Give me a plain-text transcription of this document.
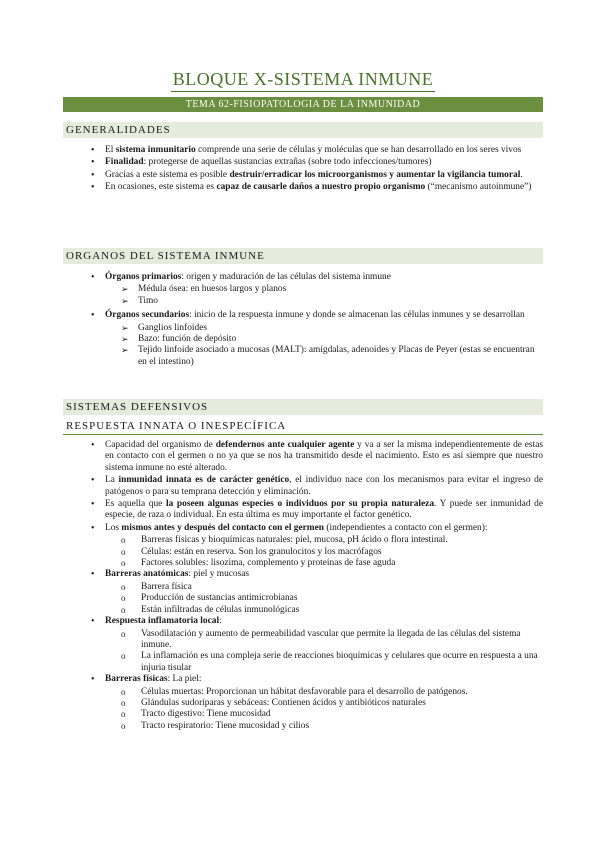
BLOQUE X-SISTEMA INMUNE
TEMA 62-FISIOPATOLOGIA DE LA INMUNIDAD
GENERALIDADES
• El sistema inmunitario comprende una serie de células y moléculas que se han desarrollado en los seres vivos
• Finalidad: protegerse de aquellas sustancias extrañas (sobre todo infecciones/tumores)
• Gracias a este sistema es posible destruir/erradicar los microorganismos y aumentar la vigilancia tumoral.
• En ocasiones, este sistema es capaz de causarle daños a nuestro propio organismo (“mecanismo autoinmune”)
ORGANOS DEL SISTEMA INMUNE
• Órganos primarios: origen y maduración de las células del sistema inmune
➢ Médula ósea: en huesos largos y planos
➢ Timo
• Órganos secundarios: inicio de la respuesta inmune y donde se almacenan las células inmunes y se desarrollan
➢ Ganglios linfoides
➢ Bazo: función de depósito
➢ Tejido linfoide asociado a mucosas (MALT): amígdalas, adenoides y Placas de Peyer (estas se encuentran en el intestino)
SISTEMAS DEFENSIVOS
RESPUESTA INNATA O INESPECÍFICA
• Capacidad del organismo de defendernos ante cualquier agente y va a ser la misma independientemente de estas en contacto con el germen o no ya que se nos ha transmitido desde el nacimiento. Esto es así siempre que nuestro sistema inmune no esté alterado.
• La inmunidad innata es de carácter genético, el individuo nace con los mecanismos para evitar el ingreso de patógenos o para su temprana detección y eliminación.
• Es aquella que la poseen algunas especies o individuos por su propia naturaleza. Y puede ser inmunidad de especie, de raza o individual. En esta última es muy importante el factor genético.
• Los mismos antes y después del contacto con el germen (independientes a contacto con el germen):
o Barreras físicas y bioquímicas naturales: piel, mucosa, pH ácido o flora intestinal.
o Células: están en reserva. Son los granulocitos y los macrófagos
o Factores solubles: lisozima, complemento y proteínas de fase aguda
• Barreras anatómicas: piel y mucosas
o Barrera física
o Producción de sustancias antimicrobianas
o Están infiltradas de células inmunológicas
• Respuesta inflamatoria local:
o Vasodilatación y aumento de permeabilidad vascular que permite la llegada de las células del sistema inmune.
o La inflamación es una compleja serie de reacciones bioquímicas y celulares que ocurre en respuesta a una injuria tisular
• Barreras físicas: La piel:
o Células muertas: Proporcionan un hábitat desfavorable para el desarrollo de patógenos.
o Glándulas sudoríparas y sebáceas: Contienen ácidos y antibióticos naturales
o Tracto digestivo: Tiene mucosidad
o Tracto respiratorio: Tiene mucosidad y cilios
